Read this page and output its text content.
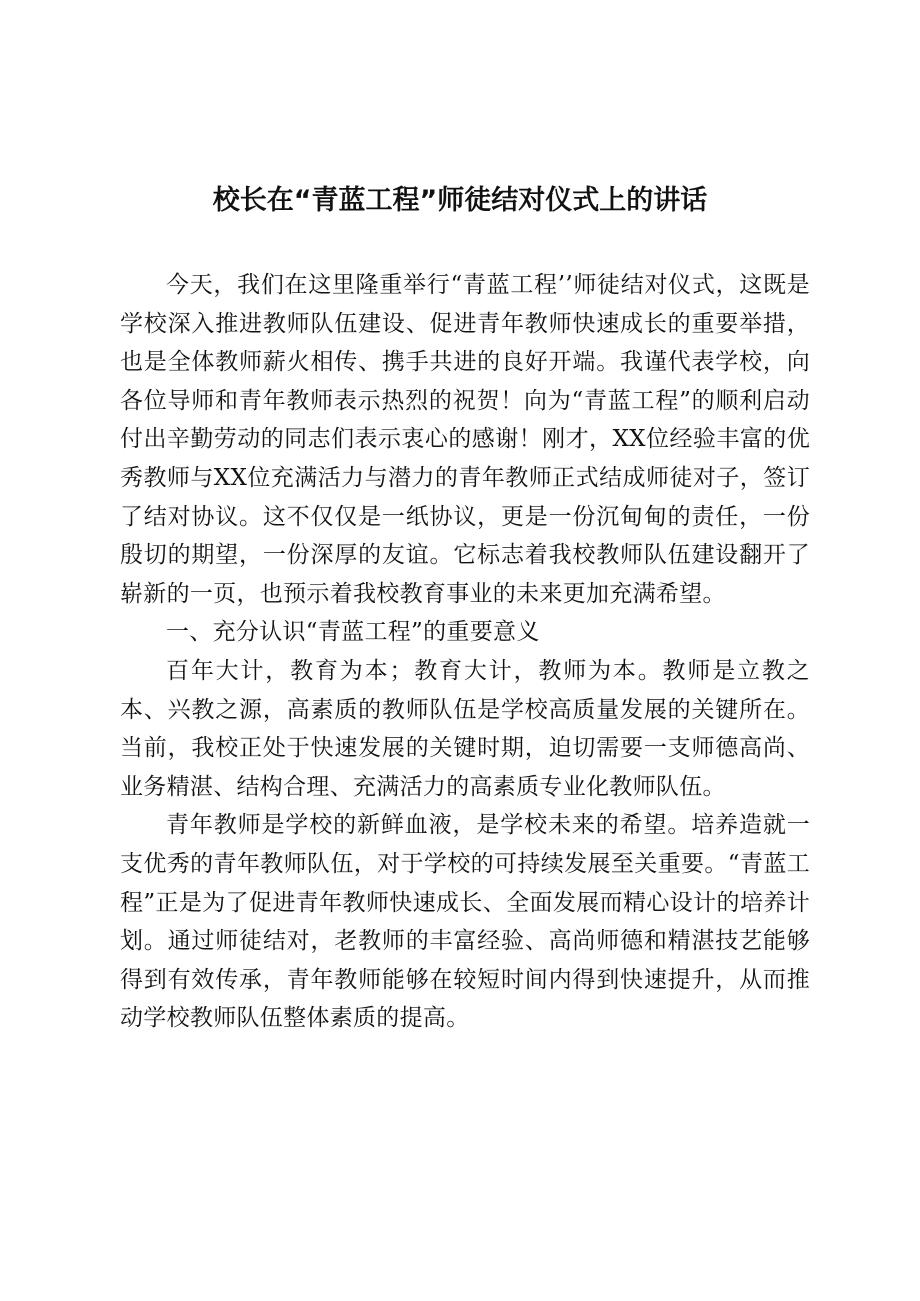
校长在“青蓝工程”师徒结对仪式上的讲话

今天，我们在这里隆重举行“青蓝工程’’师徒结对仪式，这既是学校深入推进教师队伍建设、促进青年教师快速成长的重要举措，也是全体教师薪火相传、携手共进的良好开端。我谨代表学校，向各位导师和青年教师表示热烈的祝贺！向为“青蓝工程”的顺利启动付出辛勤劳动的同志们表示衷心的感谢！刚才，XX位经验丰富的优秀教师与XX位充满活力与潜力的青年教师正式结成师徒对子，签订了结对协议。这不仅仅是一纸协议，更是一份沉甸甸的责任，一份殷切的期望，一份深厚的友谊。它标志着我校教师队伍建设翻开了崭新的一页，也预示着我校教育事业的未来更加充满希望。

一、充分认识“青蓝工程”的重要意义

百年大计，教育为本；教育大计，教师为本。教师是立教之本、兴教之源，高素质的教师队伍是学校高质量发展的关键所在。当前，我校正处于快速发展的关键时期，迫切需要一支师德高尚、业务精湛、结构合理、充满活力的高素质专业化教师队伍。

青年教师是学校的新鲜血液，是学校未来的希望。培养造就一支优秀的青年教师队伍，对于学校的可持续发展至关重要。“青蓝工程”正是为了促进青年教师快速成长、全面发展而精心设计的培养计划。通过师徒结对，老教师的丰富经验、高尚师德和精湛技艺能够得到有效传承，青年教师能够在较短时间内得到快速提升，从而推动学校教师队伍整体素质的提高。
